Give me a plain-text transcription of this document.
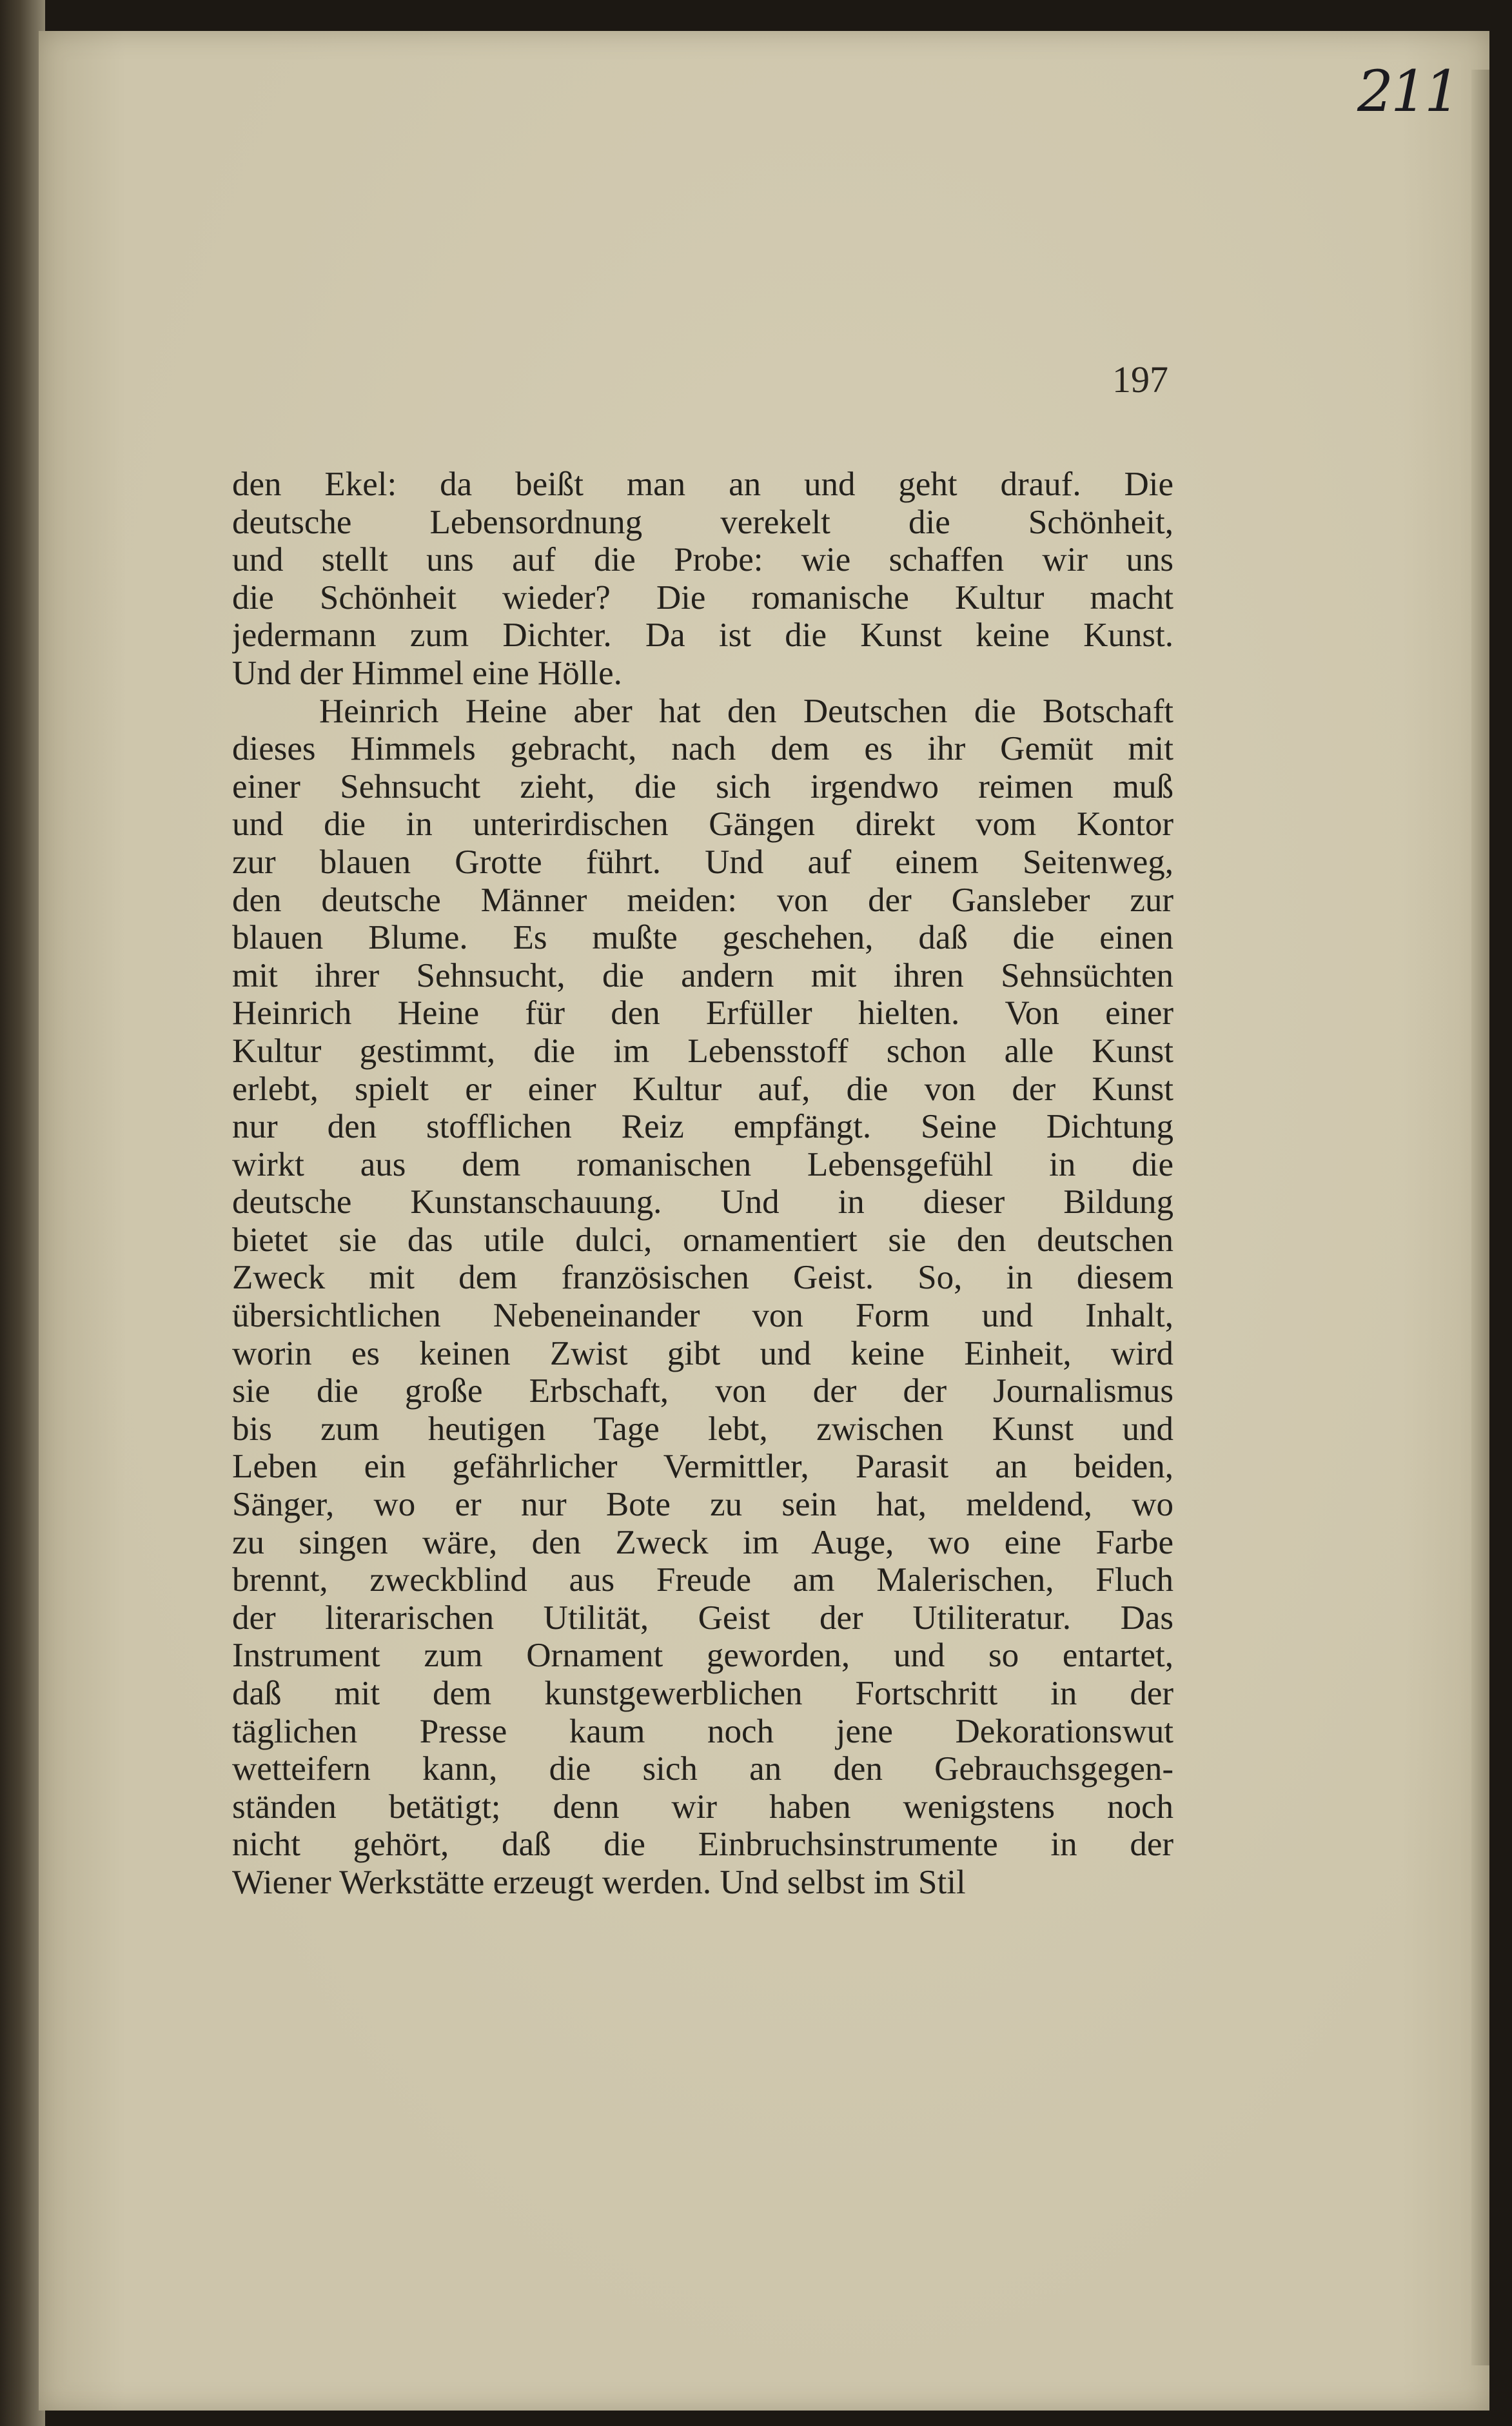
211
197
den Ekel: da beißt man an und geht drauf. Die
deutsche Lebensordnung verekelt die Schönheit,
und stellt uns auf die Probe: wie schaffen wir uns
die Schönheit wieder? Die romanische Kultur macht
jedermann zum Dichter. Da ist die Kunst keine Kunst.
Und der Himmel eine Hölle.
Heinrich Heine aber hat den Deutschen die Botschaft
dieses Himmels gebracht, nach dem es ihr Gemüt mit
einer Sehnsucht zieht, die sich irgendwo reimen muß
und die in unterirdischen Gängen direkt vom Kontor
zur blauen Grotte führt. Und auf einem Seitenweg,
den deutsche Männer meiden: von der Gansleber zur
blauen Blume. Es mußte geschehen, daß die einen
mit ihrer Sehnsucht, die andern mit ihren Sehnsüchten
Heinrich Heine für den Erfüller hielten. Von einer
Kultur gestimmt, die im Lebensstoff schon alle Kunst
erlebt, spielt er einer Kultur auf, die von der Kunst
nur den stofflichen Reiz empfängt. Seine Dichtung
wirkt aus dem romanischen Lebensgefühl in die
deutsche Kunstanschauung. Und in dieser Bildung
bietet sie das utile dulci, ornamentiert sie den deutschen
Zweck mit dem französischen Geist. So, in diesem
übersichtlichen Nebeneinander von Form und Inhalt,
worin es keinen Zwist gibt und keine Einheit, wird
sie die große Erbschaft, von der der Journalismus
bis zum heutigen Tage lebt, zwischen Kunst und
Leben ein gefährlicher Vermittler, Parasit an beiden,
Sänger, wo er nur Bote zu sein hat, meldend, wo
zu singen wäre, den Zweck im Auge, wo eine Farbe
brennt, zweckblind aus Freude am Malerischen, Fluch
der literarischen Utilität, Geist der Utiliteratur. Das
Instrument zum Ornament geworden, und so entartet,
daß mit dem kunstgewerblichen Fortschritt in der
täglichen Presse kaum noch jene Dekorationswut
wetteifern kann, die sich an den Gebrauchsgegen-
ständen betätigt; denn wir haben wenigstens noch
nicht gehört, daß die Einbruchsinstrumente in der
Wiener Werkstätte erzeugt werden. Und selbst im Stil
